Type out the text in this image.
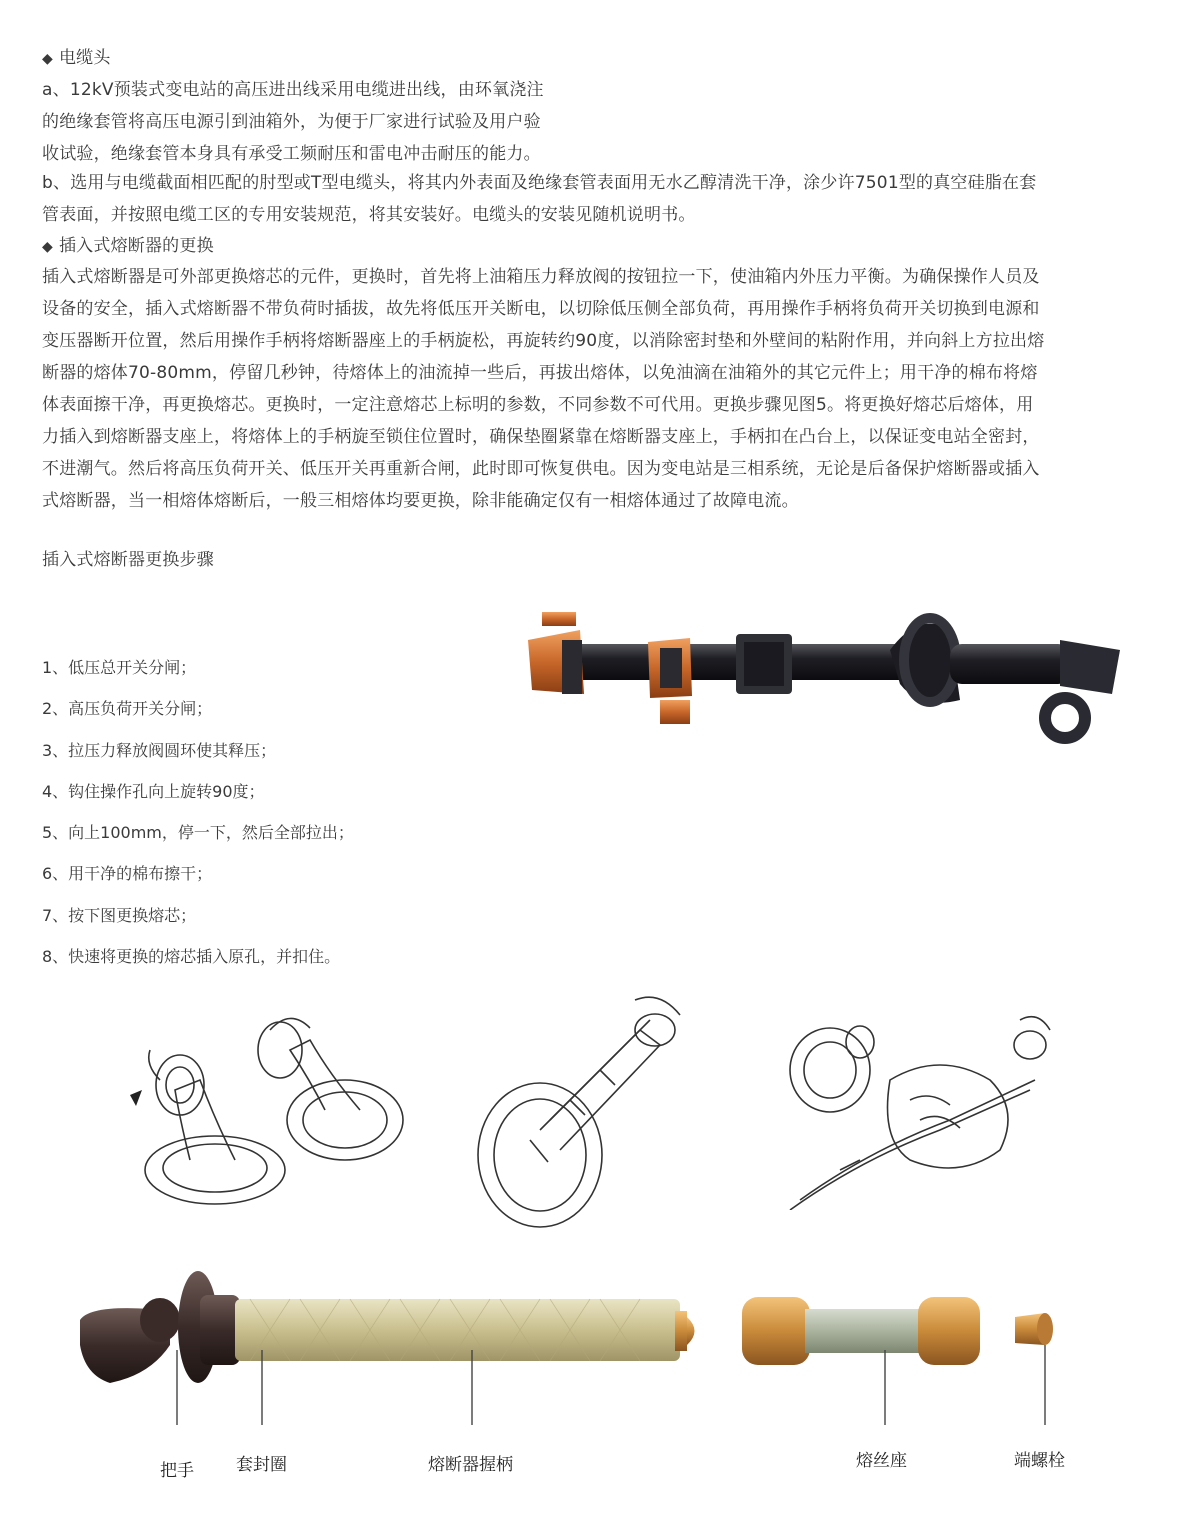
◆ 电缆头
a、12kV预装式变电站的高压进出线采用电缆进出线，由环氧浇注
的绝缘套管将高压电源引到油箱外，为便于厂家进行试验及用户验
收试验，绝缘套管本身具有承受工频耐压和雷电冲击耐压的能力。
b、选用与电缆截面相匹配的肘型或T型电缆头，将其内外表面及绝缘套管表面用无水乙醇清洗干净，涂少许7501型的真空硅脂在套
管表面，并按照电缆工区的专用安装规范，将其安装好。电缆头的安装见随机说明书。
◆ 插入式熔断器的更换
插入式熔断器是可外部更换熔芯的元件，更换时，首先将上油箱压力释放阀的按钮拉一下，使油箱内外压力平衡。为确保操作人员及
设备的安全，插入式熔断器不带负荷时插拔，故先将低压开关断电，以切除低压侧全部负荷，再用操作手柄将负荷开关切换到电源和
变压器断开位置，然后用操作手柄将熔断器座上的手柄旋松，再旋转约90度，以消除密封垫和外壁间的粘附作用，并向斜上方拉出熔
断器的熔体70-80mm，停留几秒钟，待熔体上的油流掉一些后，再拔出熔体，以免油滴在油箱外的其它元件上；用干净的棉布将熔
体表面擦干净，再更换熔芯。更换时，一定注意熔芯上标明的参数，不同参数不可代用。更换步骤见图5。将更换好熔芯后熔体，用
力插入到熔断器支座上，将熔体上的手柄旋至锁住位置时，确保垫圈紧靠在熔断器支座上，手柄扣在凸台上，以保证变电站全密封，
不进潮气。然后将高压负荷开关、低压开关再重新合闸，此时即可恢复供电。因为变电站是三相系统，无论是后备保护熔断器或插入
式熔断器，当一相熔体熔断后，一般三相熔体均要更换，除非能确定仅有一相熔体通过了故障电流。
插入式熔断器更换步骤
1、低压总开关分闸；
2、高压负荷开关分闸；
3、拉压力释放阀圆环使其释压；
4、钩住操作孔向上旋转90度；
5、向上100mm，停一下，然后全部拉出；
6、用干净的棉布擦干；
7、按下图更换熔芯；
8、快速将更换的熔芯插入原孔，并扣住。
把手 套封圈	熔断器握柄	熔丝座	端螺栓
